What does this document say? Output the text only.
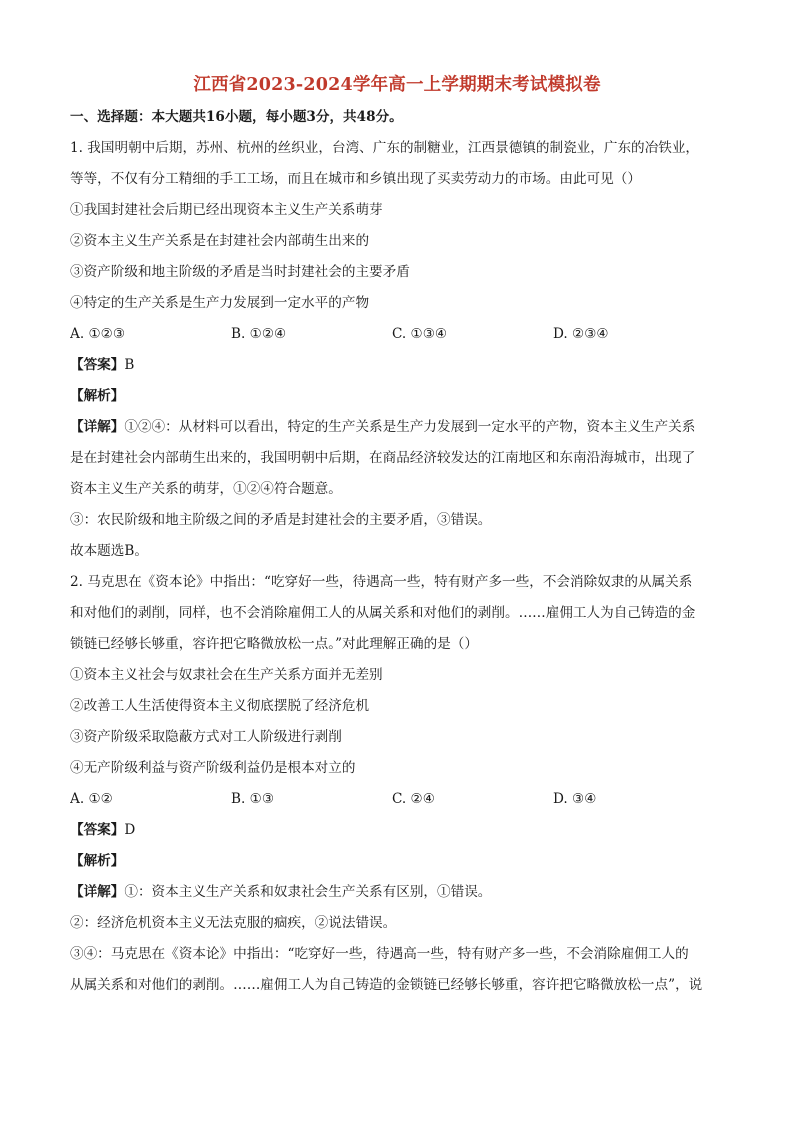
江西省2023-2024学年高一上学期期末考试模拟卷
一、选择题：本大题共16小题，每小题3分，共48分。
1. 我国明朝中后期，苏州、杭州的丝织业，台湾、广东的制糖业，江西景德镇的制瓷业，广东的冶铁业，
等等，不仅有分工精细的手工工场，而且在城市和乡镇出现了买卖劳动力的市场。由此可见（）
①我国封建社会后期已经出现资本主义生产关系萌芽
②资本主义生产关系是在封建社会内部萌生出来的
③资产阶级和地主阶级的矛盾是当时封建社会的主要矛盾
④特定的生产关系是生产力发展到一定水平的产物
A. ①②③	B. ①②④	C. ①③④	D. ②③④
【答案】B
【解析】
【详解】①②④：从材料可以看出，特定的生产关系是生产力发展到一定水平的产物，资本主义生产关系
是在封建社会内部萌生出来的，我国明朝中后期，在商品经济较发达的江南地区和东南沿海城市，出现了
资本主义生产关系的萌芽，①②④符合题意。
③：农民阶级和地主阶级之间的矛盾是封建社会的主要矛盾，③错误。
故本题选B。
2. 马克思在《资本论》中指出：“吃穿好一些，待遇高一些，特有财产多一些，不会消除奴隶的从属关系
和对他们的剥削，同样，也不会消除雇佣工人的从属关系和对他们的剥削。……雇佣工人为自己铸造的金
锁链已经够长够重，容许把它略微放松一点。”对此理解正确的是（）
①资本主义社会与奴隶社会在生产关系方面并无差别
②改善工人生活使得资本主义彻底摆脱了经济危机
③资产阶级采取隐蔽方式对工人阶级进行剥削
④无产阶级利益与资产阶级利益仍是根本对立的
A. ①②	B. ①③	C. ②④	D. ③④
【答案】D
【解析】
【详解】①：资本主义生产关系和奴隶社会生产关系有区别，①错误。
②：经济危机资本主义无法克服的痼疾，②说法错误。
③④：马克思在《资本论》中指出：“吃穿好一些，待遇高一些，特有财产多一些，不会消除雇佣工人的
从属关系和对他们的剥削。……雇佣工人为自己铸造的金锁链已经够长够重，容许把它略微放松一点”，说
